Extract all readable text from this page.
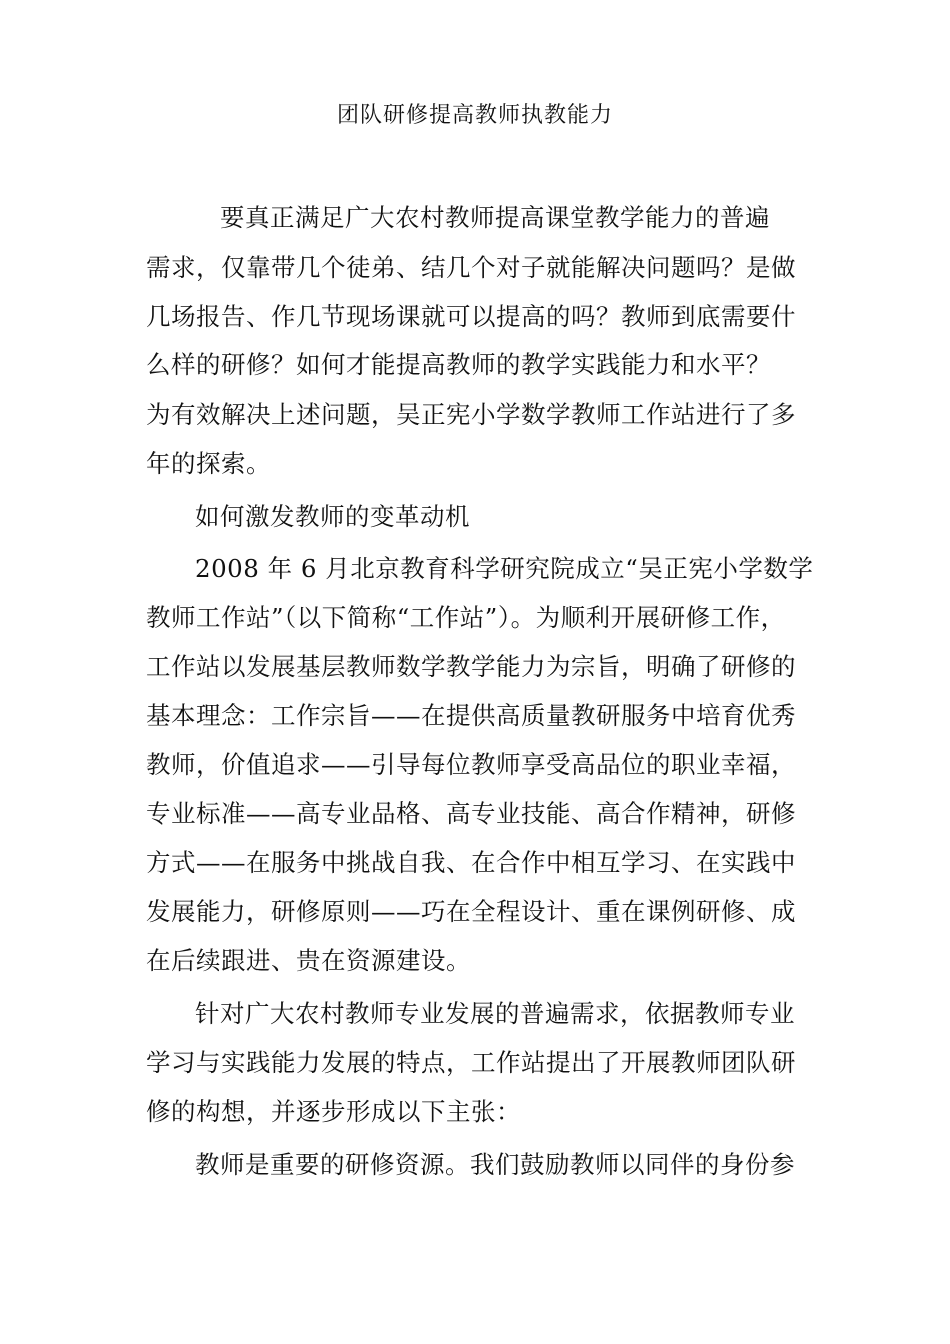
团队研修提高教师执教能力
要真正满足广大农村教师提高课堂教学能力的普遍
需求，仅靠带几个徒弟、结几个对子就能解决问题吗？是做
几场报告、作几节现场课就可以提高的吗？教师到底需要什
么样的研修？如何才能提高教师的教学实践能力和水平？
为有效解决上述问题，吴正宪小学数学教师工作站进行了多
年的探索。
如何激发教师的变革动机
2008 年 6 月北京教育科学研究院成立“吴正宪小学数学
教师工作站”（以下简称“工作站”）。为顺利开展研修工作，
工作站以发展基层教师数学教学能力为宗旨，明确了研修的
基本理念：工作宗旨——在提供高质量教研服务中培育优秀
教师，价值追求——引导每位教师享受高品位的职业幸福，
专业标准——高专业品格、高专业技能、高合作精神，研修
方式——在服务中挑战自我、在合作中相互学习、在实践中
发展能力，研修原则——巧在全程设计、重在课例研修、成
在后续跟进、贵在资源建设。
针对广大农村教师专业发展的普遍需求，依据教师专业
学习与实践能力发展的特点，工作站提出了开展教师团队研
修的构想，并逐步形成以下主张：
教师是重要的研修资源。我们鼓励教师以同伴的身份参
